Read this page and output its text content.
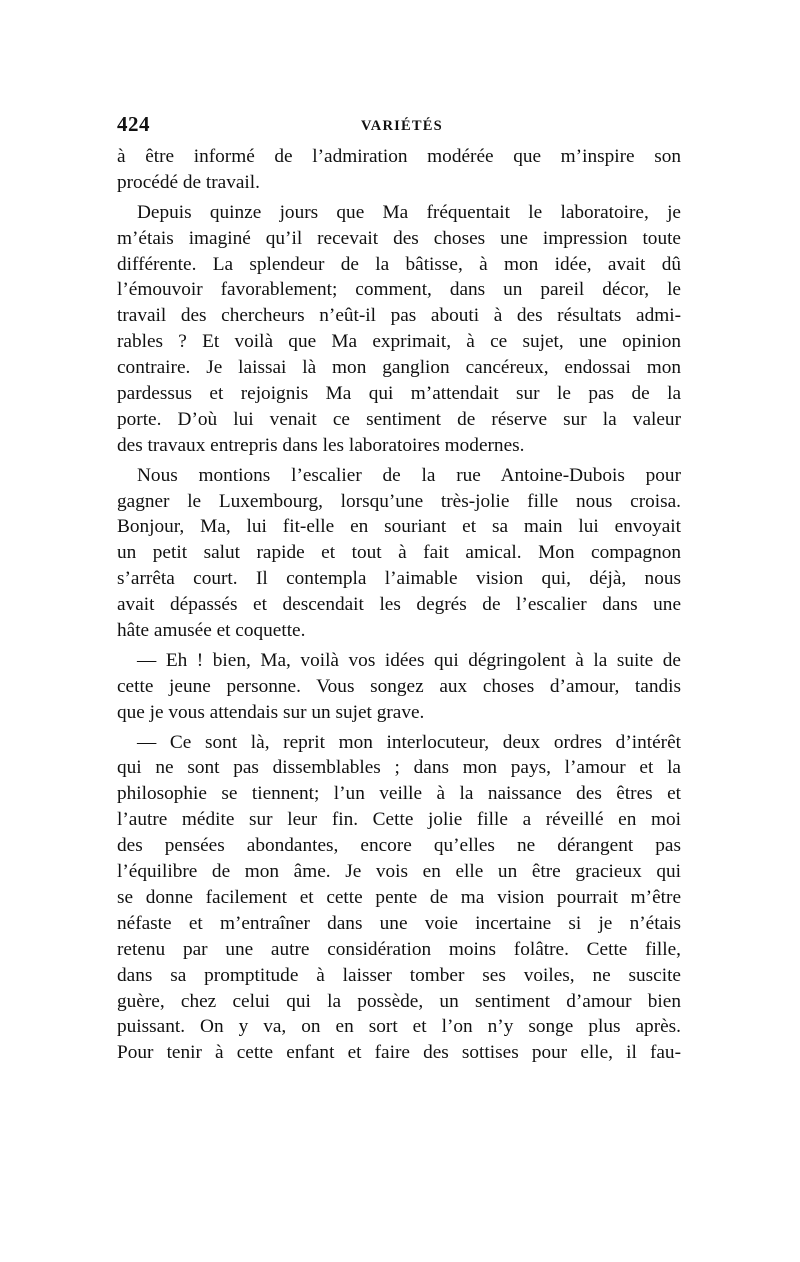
424	VARIÉTÉS
à être informé de l’admiration modérée que m’inspire son
procédé de travail.
Depuis quinze jours que Ma fréquentait le laboratoire, je
m’étais imaginé qu’il recevait des choses une impression toute
différente. La splendeur de la bâtisse, à mon idée, avait dû
l’émouvoir favorablement; comment, dans un pareil décor, le
travail des chercheurs n’eût-il pas abouti à des résultats admi-
rables ? Et voilà que Ma exprimait, à ce sujet, une opinion
contraire. Je laissai là mon ganglion cancéreux, endossai mon
pardessus et rejoignis Ma qui m’attendait sur le pas de la
porte. D’où lui venait ce sentiment de réserve sur la valeur
des travaux entrepris dans les laboratoires modernes.
Nous montions l’escalier de la rue Antoine-Dubois pour
gagner le Luxembourg, lorsqu’une très-jolie fille nous croisa.
Bonjour, Ma, lui fit-elle en souriant et sa main lui envoyait
un petit salut rapide et tout à fait amical. Mon compagnon
s’arrêta court. Il contempla l’aimable vision qui, déjà, nous
avait dépassés et descendait les degrés de l’escalier dans une
hâte amusée et coquette.
— Eh ! bien, Ma, voilà vos idées qui dégringolent à la suite de
cette jeune personne. Vous songez aux choses d’amour, tandis
que je vous attendais sur un sujet grave.
— Ce sont là, reprit mon interlocuteur, deux ordres d’intérêt
qui ne sont pas dissemblables ; dans mon pays, l’amour et la
philosophie se tiennent; l’un veille à la naissance des êtres et
l’autre médite sur leur fin. Cette jolie fille a réveillé en moi
des pensées abondantes, encore qu’elles ne dérangent pas
l’équilibre de mon âme. Je vois en elle un être gracieux qui
se donne facilement et cette pente de ma vision pourrait m’être
néfaste et m’entraîner dans une voie incertaine si je n’étais
retenu par une autre considération moins folâtre. Cette fille,
dans sa promptitude à laisser tomber ses voiles, ne suscite
guère, chez celui qui la possède, un sentiment d’amour bien
puissant. On y va, on en sort et l’on n’y songe plus après.
Pour tenir à cette enfant et faire des sottises pour elle, il fau-
